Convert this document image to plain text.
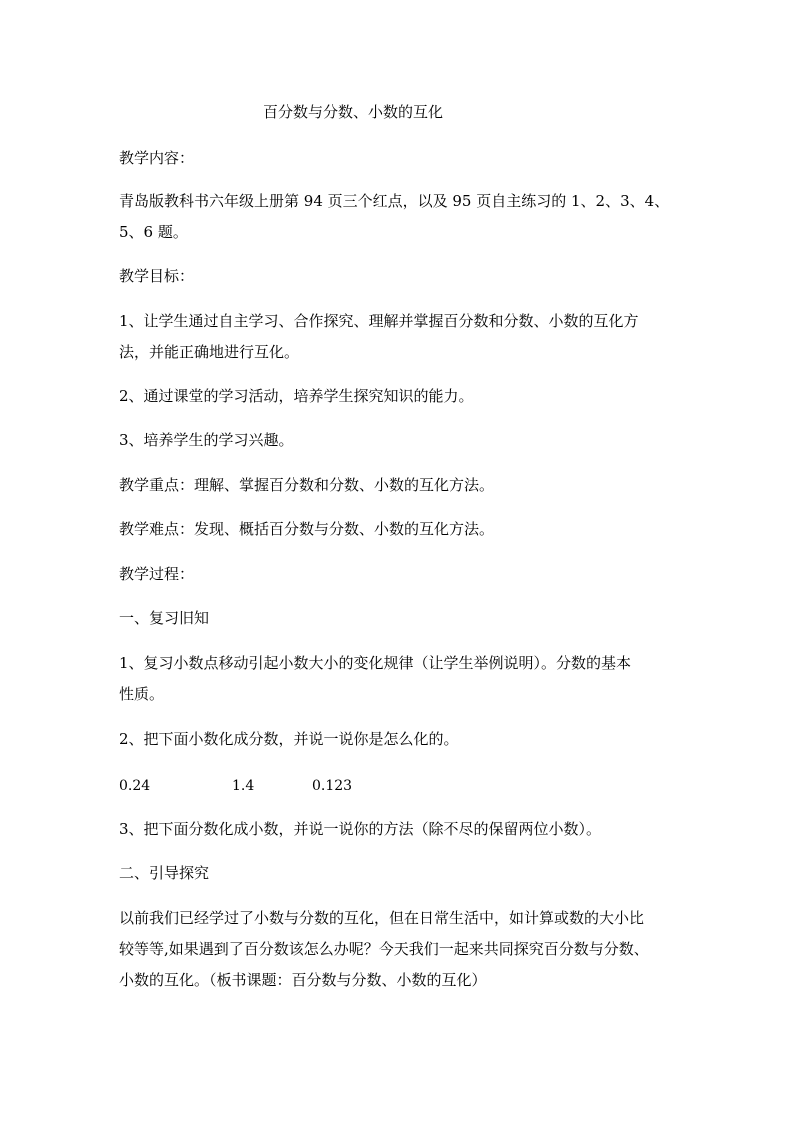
百分数与分数、小数的互化

教学内容：

青岛版教科书六年级上册第 94 页三个红点，以及 95 页自主练习的 1、2、3、4、
5、6 题。

教学目标：

1、让学生通过自主学习、合作探究、理解并掌握百分数和分数、小数的互化方
法，并能正确地进行互化。

2、通过课堂的学习活动，培养学生探究知识的能力。

3、培养学生的学习兴趣。

教学重点：理解、掌握百分数和分数、小数的互化方法。

教学难点：发现、概括百分数与分数、小数的互化方法。

教学过程：

一、复习旧知

1、复习小数点移动引起小数大小的变化规律（让学生举例说明）。分数的基本
性质。

2、把下面小数化成分数，并说一说你是怎么化的。

0.24	1.4	0.123

3、把下面分数化成小数，并说一说你的方法（除不尽的保留两位小数）。

二、引导探究

以前我们已经学过了小数与分数的互化，但在日常生活中，如计算或数的大小比
较等等,如果遇到了百分数该怎么办呢？今天我们一起来共同探究百分数与分数、
小数的互化。（板书课题：百分数与分数、小数的互化）
